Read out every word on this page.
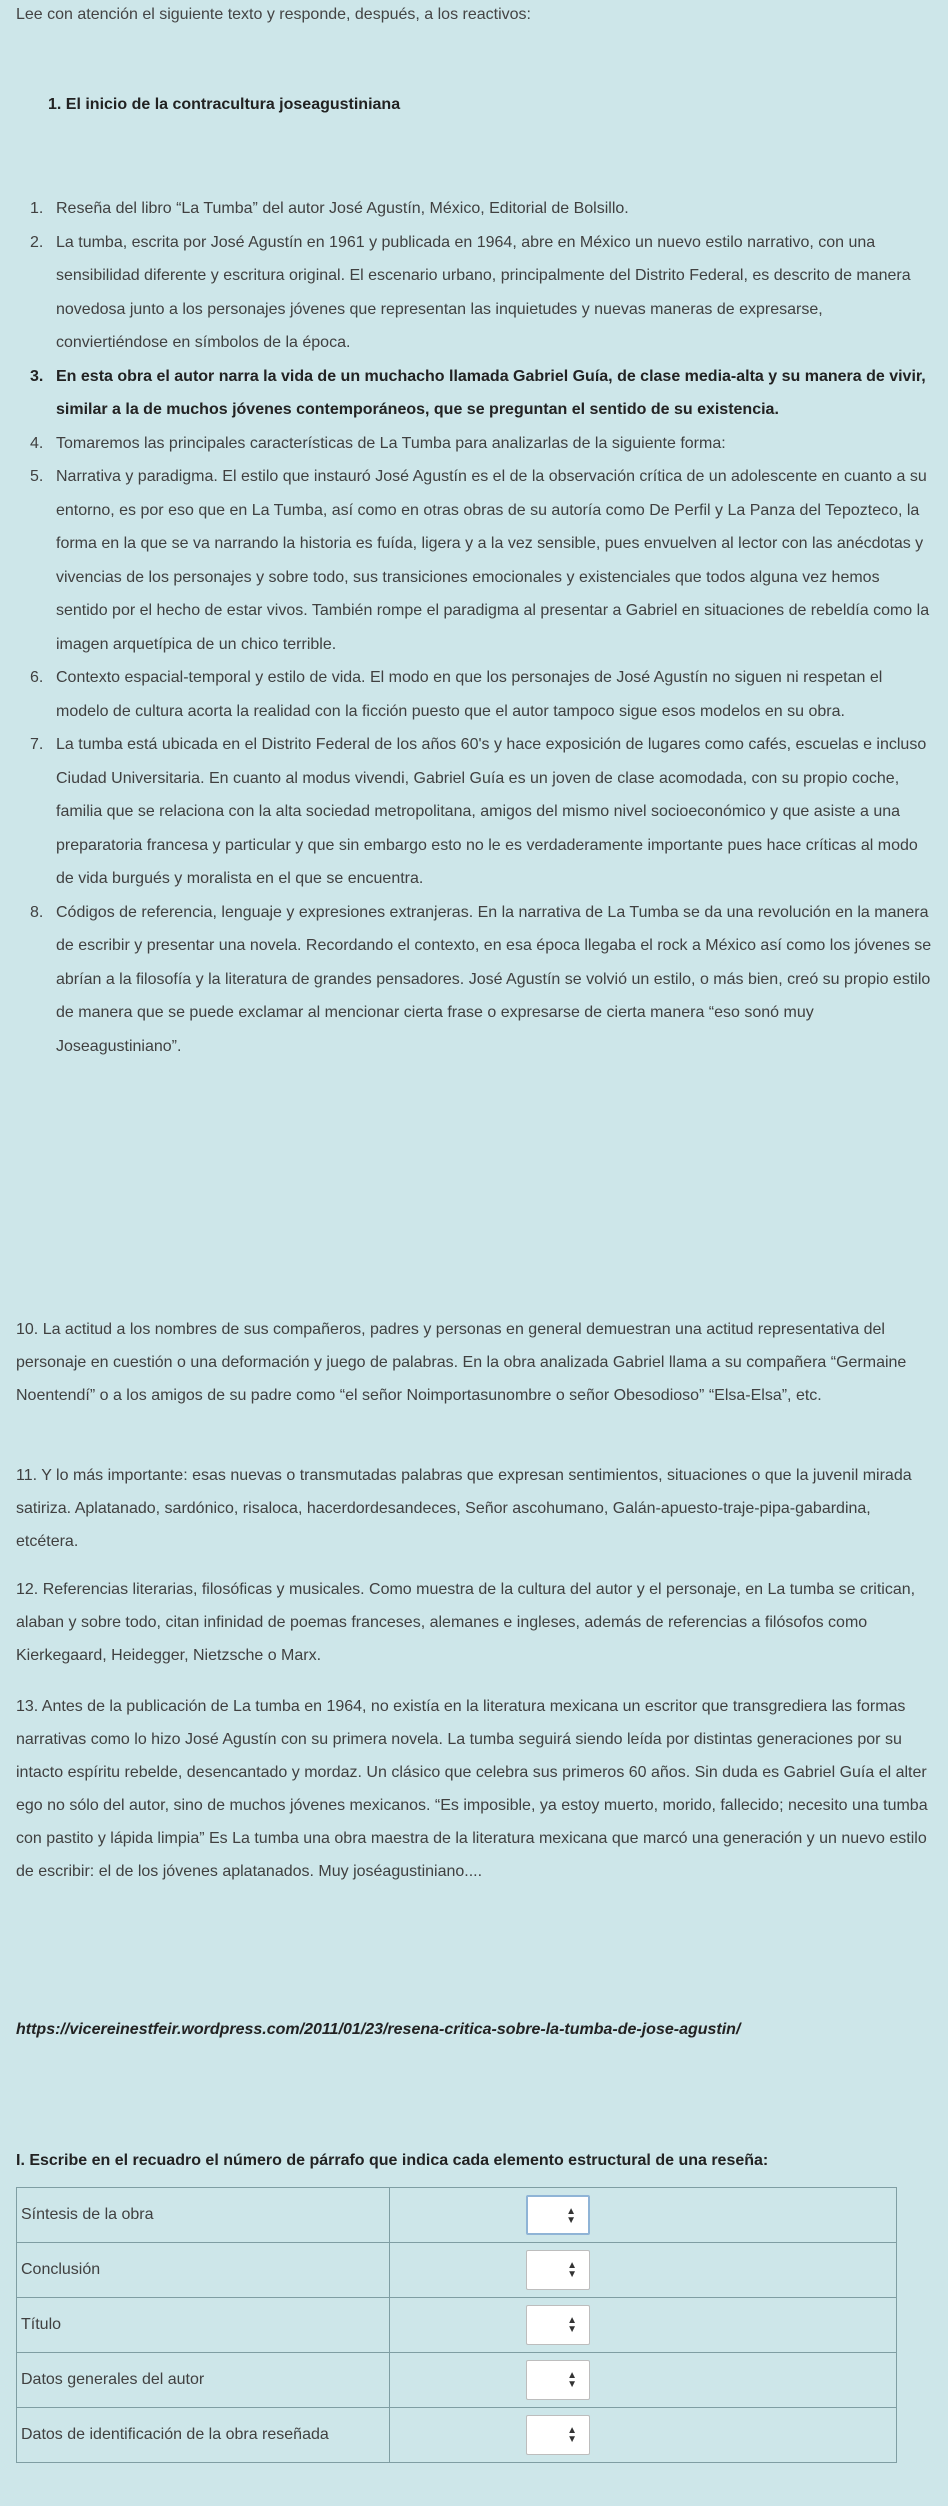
Lee con atención el siguiente texto y responde, después, a los reactivos:
1. El inicio de la contracultura joseagustiniana
1. Reseña del libro “La Tumba” del autor José Agustín, México, Editorial de Bolsillo.
2. La tumba, escrita por José Agustín en 1961 y publicada en 1964, abre en México un nuevo estilo narrativo, con una sensibilidad diferente y escritura original. El escenario urbano, principalmente del Distrito Federal, es descrito de manera novedosa junto a los personajes jóvenes que representan las inquietudes y nuevas maneras de expresarse, conviertiéndose en símbolos de la época.
3. En esta obra el autor narra la vida de un muchacho llamada Gabriel Guía, de clase media-alta y su manera de vivir, similar a la de muchos jóvenes contemporáneos, que se preguntan el sentido de su existencia.
4. Tomaremos las principales características de La Tumba para analizarlas de la siguiente forma:
5. Narrativa y paradigma. El estilo que instauró José Agustín es el de la observación crítica de un adolescente en cuanto a su entorno, es por eso que en La Tumba, así como en otras obras de su autoría como De Perfil y La Panza del Tepozteco, la forma en la que se va narrando la historia es fuída, ligera y a la vez sensible, pues envuelven al lector con las anécdotas y vivencias de los personajes y sobre todo, sus transiciones emocionales y existenciales que todos alguna vez hemos sentido por el hecho de estar vivos. También rompe el paradigma al presentar a Gabriel en situaciones de rebeldía como la imagen arquetípica de un chico terrible.
6. Contexto espacial-temporal y estilo de vida. El modo en que los personajes de José Agustín no siguen ni respetan el modelo de cultura acorta la realidad con la ficción puesto que el autor tampoco sigue esos modelos en su obra.
7. La tumba está ubicada en el Distrito Federal de los años 60's y hace exposición de lugares como cafés, escuelas e incluso Ciudad Universitaria. En cuanto al modus vivendi, Gabriel Guía es un joven de clase acomodada, con su propio coche, familia que se relaciona con la alta sociedad metropolitana, amigos del mismo nivel socioeconómico y que asiste a una preparatoria francesa y particular y que sin embargo esto no le es verdaderamente importante pues hace críticas al modo de vida burgués y moralista en el que se encuentra.
8. Códigos de referencia, lenguaje y expresiones extranjeras. En la narrativa de La Tumba se da una revolución en la manera de escribir y presentar una novela. Recordando el contexto, en esa época llegaba el rock a México así como los jóvenes se abrían a la filosofía y la literatura de grandes pensadores. José Agustín se volvió un estilo, o más bien, creó su propio estilo de manera que se puede exclamar al mencionar cierta frase o expresarse de cierta manera “eso sonó muy Joseagustiniano”.
10. La actitud a los nombres de sus compañeros, padres y personas en general demuestran una actitud representativa del personaje en cuestión o una deformación y juego de palabras. En la obra analizada Gabriel llama a su compañera “Germaine Noentendí” o a los amigos de su padre como “el señor Noimportasunombre o señor Obesodioso” “Elsa-Elsa”, etc.
11. Y lo más importante: esas nuevas o transmutadas palabras que expresan sentimientos, situaciones o que la juvenil mirada satiriza. Aplatanado, sardónico, risaloca, hacerdordesandeces, Señor ascohumano, Galán-apuesto-traje-pipa-gabardina, etcétera.
12. Referencias literarias, filosóficas y musicales. Como muestra de la cultura del autor y el personaje, en La tumba se critican, alaban y sobre todo, citan infinidad de poemas franceses, alemanes e ingleses, además de referencias a filósofos como Kierkegaard, Heidegger, Nietzsche o Marx.
13. Antes de la publicación de La tumba en 1964, no existía en la literatura mexicana un escritor que transgrediera las formas narrativas como lo hizo José Agustín con su primera novela. La tumba seguirá siendo leída por distintas generaciones por su intacto espíritu rebelde, desencantado y mordaz. Un clásico que celebra sus primeros 60 años. Sin duda es Gabriel Guía el alter ego no sólo del autor, sino de muchos jóvenes mexicanos. “Es imposible, ya estoy muerto, morido, fallecido; necesito una tumba con pastito y lápida limpia” Es La tumba una obra maestra de la literatura mexicana que marcó una generación y un nuevo estilo de escribir: el de los jóvenes aplatanados. Muy joséagustiniano....
https://vicereinestfeir.wordpress.com/2011/01/23/resena-critica-sobre-la-tumba-de-jose-agustin/
I. Escribe en el recuadro el número de párrafo que indica cada elemento estructural de una reseña:
Síntesis de la obra	▲
▼

Conclusión	▲
▼

Título	▲
▼

Datos generales del autor	▲
▼

Datos de identificación de la obra reseñada	▲
▼
